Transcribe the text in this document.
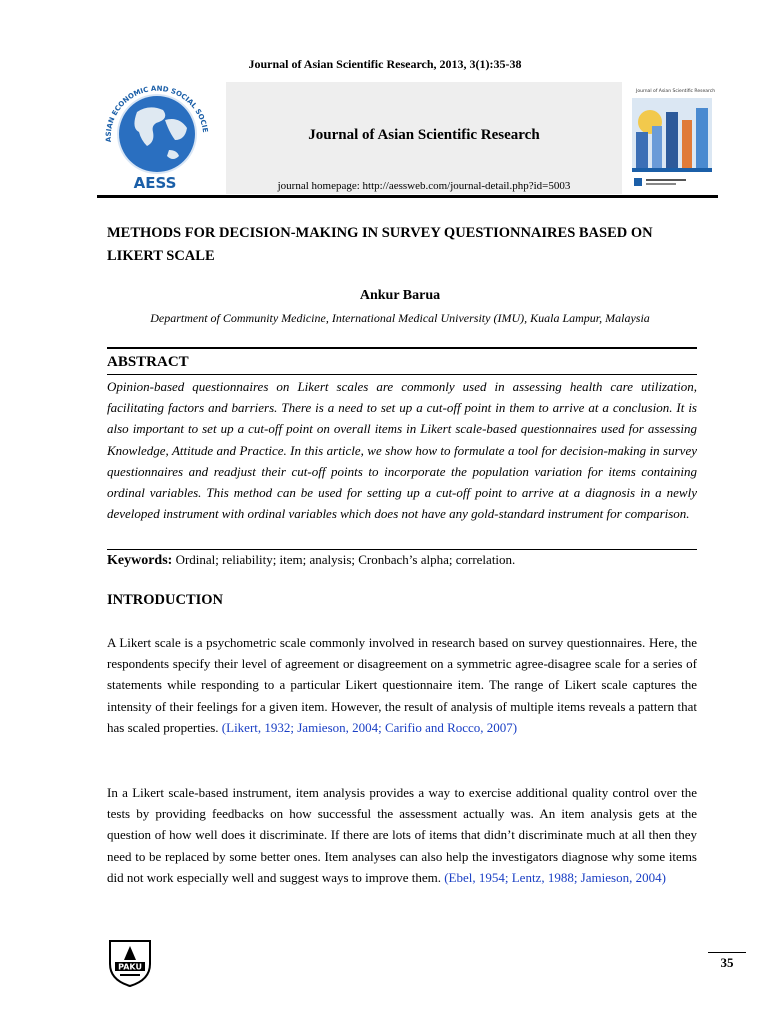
Journal of Asian Scientific Research, 2013, 3(1):35-38
ASIAN ECONOMIC AND SOCIAL SOCIE
AESS
Journal of Asian Scientific Research
journal homepage: http://aessweb.com/journal-detail.php?id=5003
Journal of Asian Scientific Research
METHODS FOR DECISION-MAKING IN SURVEY QUESTIONNAIRES BASED ON LIKERT SCALE
Ankur Barua
Department of Community Medicine, International Medical University (IMU), Kuala Lampur, Malaysia
ABSTRACT
Opinion-based questionnaires on Likert scales are commonly used in assessing health care utilization, facilitating factors and barriers. There is a need to set up a cut-off point in them to arrive at a conclusion. It is also important to set up a cut-off point on overall items in Likert scale-based questionnaires used for assessing Knowledge, Attitude and Practice. In this article, we show how to formulate a tool for decision-making in survey questionnaires and readjust their cut-off points to incorporate the population variation for items containing ordinal variables. This method can be used for setting up a cut-off point to arrive at a diagnosis in a newly developed instrument with ordinal variables which does not have any gold-standard instrument for comparison.
Keywords: Ordinal; reliability; item; analysis; Cronbach’s alpha; correlation.
INTRODUCTION
A Likert scale is a psychometric scale commonly involved in research based on survey questionnaires. Here, the respondents specify their level of agreement or disagreement on a symmetric agree-disagree scale for a series of statements while responding to a particular Likert questionnaire item. The range of Likert scale captures the intensity of their feelings for a given item. However, the result of analysis of multiple items reveals a pattern that has scaled properties. (Likert, 1932; Jamieson, 2004; Carifio and Rocco, 2007)
In a Likert scale-based instrument, item analysis provides a way to exercise additional quality control over the tests by providing feedbacks on how successful the assessment actually was. An item analysis gets at the question of how well does it discriminate. If there are lots of items that didn’t discriminate much at all then they need to be replaced by some better ones. Item analyses can also help the investigators diagnose why some items did not work especially well and suggest ways to improve them. (Ebel, 1954; Lentz, 1988; Jamieson, 2004)
PAKU	35
